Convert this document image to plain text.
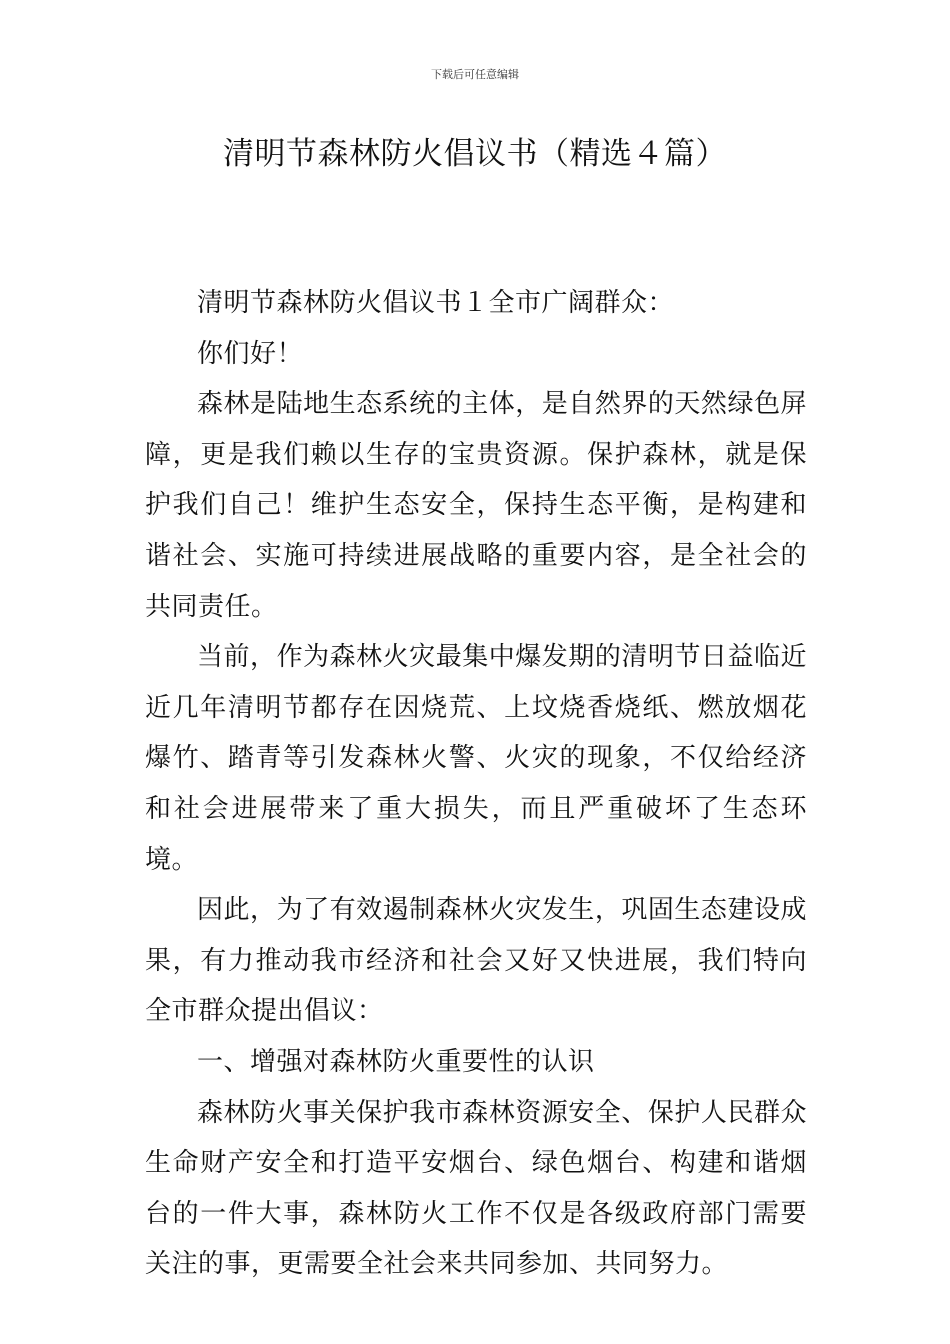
下载后可任意编辑
清明节森林防火倡议书（精选４篇）

清明节森林防火倡议书１全市广阔群众：

你们好！

森林是陆地生态系统的主体，是自然界的天然绿色屏障，更是我们赖以生存的宝贵资源。保护森林，就是保护我们自己！维护生态安全，保持生态平衡，是构建和谐社会、实施可持续进展战略的重要内容，是全社会的共同责任。

当前，作为森林火灾最集中爆发期的清明节日益临近近几年清明节都存在因烧荒、上坟烧香烧纸、燃放烟花爆竹、踏青等引发森林火警、火灾的现象，不仅给经济和社会进展带来了重大损失，而且严重破坏了生态环境。

因此，为了有效遏制森林火灾发生，巩固生态建设成果，有力推动我市经济和社会又好又快进展，我们特向全市群众提出倡议：

一、增强对森林防火重要性的认识

森林防火事关保护我市森林资源安全、保护人民群众生命财产安全和打造平安烟台、绿色烟台、构建和谐烟台的一件大事，森林防火工作不仅是各级政府部门需要关注的事，更需要全社会来共同参加、共同努力。
